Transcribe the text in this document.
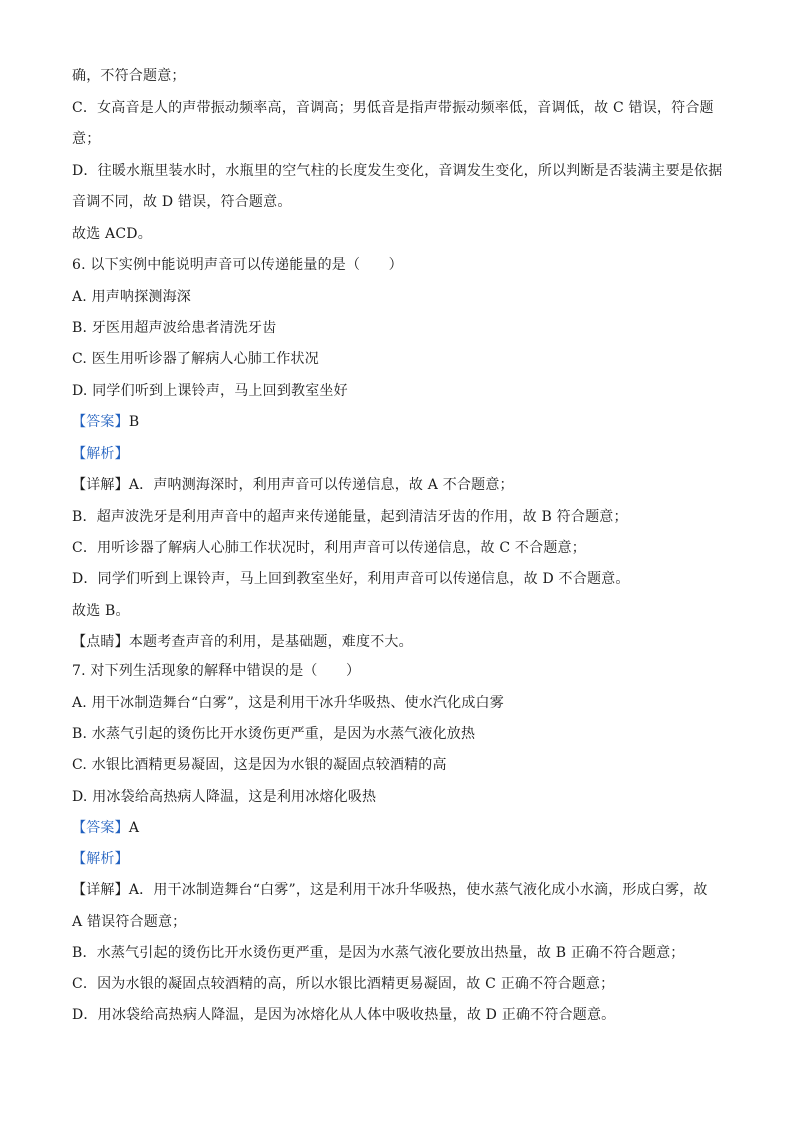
确，不符合题意；
C．女高音是人的声带振动频率高，音调高；男低音是指声带振动频率低，音调低，故 C 错误，符合题
意；
D．往暖水瓶里装水时，水瓶里的空气柱的长度发生变化，音调发生变化，所以判断是否装满主要是依据
音调不同，故 D 错误，符合题意。
故选 ACD。
6. 以下实例中能说明声音可以传递能量的是（　　）
A. 用声呐探测海深
B. 牙医用超声波给患者清洗牙齿
C. 医生用听诊器了解病人心肺工作状况
D. 同学们听到上课铃声，马上回到教室坐好
【答案】B
【解析】
【详解】A．声呐测海深时，利用声音可以传递信息，故 A 不合题意；
B．超声波洗牙是利用声音中的超声来传递能量，起到清洁牙齿的作用，故 B 符合题意；
C．用听诊器了解病人心肺工作状况时，利用声音可以传递信息，故 C 不合题意；
D．同学们听到上课铃声，马上回到教室坐好，利用声音可以传递信息，故 D 不合题意。
故选 B。
【点睛】本题考查声音的利用，是基础题，难度不大。
7. 对下列生活现象的解释中错误的是（　　）
A. 用干冰制造舞台“白雾”，这是利用干冰升华吸热、使水汽化成白雾
B. 水蒸气引起的烫伤比开水烫伤更严重，是因为水蒸气液化放热
C. 水银比酒精更易凝固，这是因为水银的凝固点较酒精的高
D. 用冰袋给高热病人降温，这是利用冰熔化吸热
【答案】A
【解析】
【详解】A．用干冰制造舞台“白雾”，这是利用干冰升华吸热，使水蒸气液化成小水滴，形成白雾，故
A 错误符合题意；
B．水蒸气引起的烫伤比开水烫伤更严重，是因为水蒸气液化要放出热量，故 B 正确不符合题意；
C．因为水银的凝固点较酒精的高，所以水银比酒精更易凝固，故 C 正确不符合题意；
D．用冰袋给高热病人降温，是因为冰熔化从人体中吸收热量，故 D 正确不符合题意。
